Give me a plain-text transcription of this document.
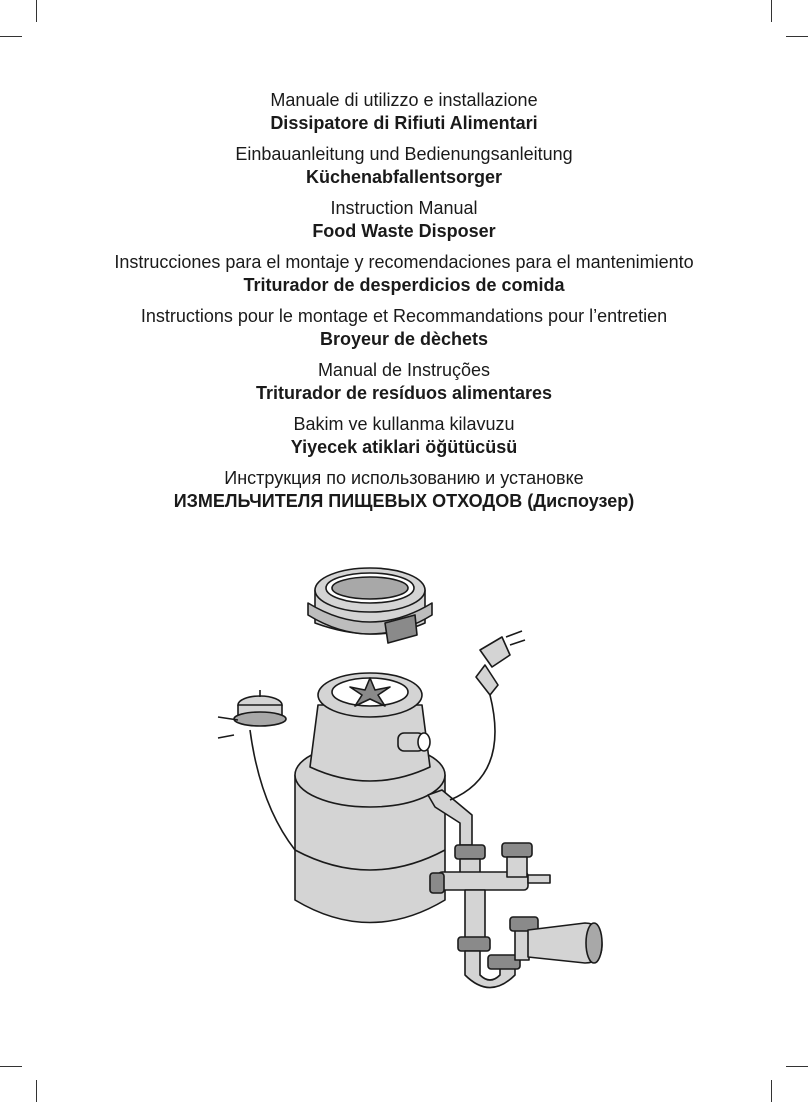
Manuale di utilizzo e installazione
Dissipatore di Rifiuti Alimentari
Einbauanleitung und Bedienungsanleitung
Küchenabfallentsorger
Instruction Manual
Food Waste Disposer
Instrucciones para el montaje y recomendaciones para el mantenimiento
Triturador de desperdicios de comida
Instructions pour le montage et Recommandations pour l’entretien
Broyeur de dèchets
Manual de Instruções
Triturador de resíduos alimentares
Bakim ve kullanma kilavuzu
Yiyecek atiklari öğütücüsü
Инструкция по использованию и установке
ИЗМЕЛЬЧИТЕЛЯ ПИЩЕВЫХ ОТХОДОВ (Диспоузер)
